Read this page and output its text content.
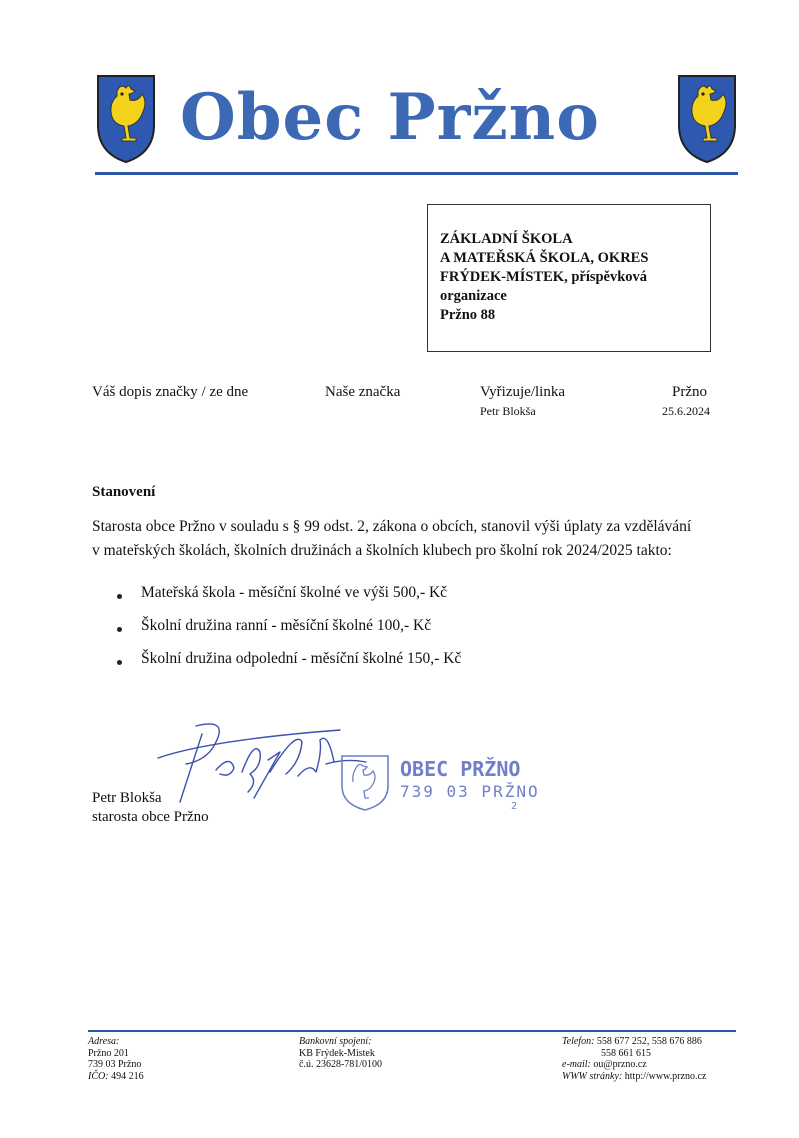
Obec Pržno
ZÁKLADNÍ ŠKOLA
A MATEŘSKÁ ŠKOLA, OKRES
FRÝDEK-MÍSTEK, příspěvková
organizace
Pržno 88
Váš dopis značky / ze dne	Naše značka	Vyřizuje/linka
Petr Blokša
Pržno
25.6.2024
Stanovení
Starosta obce Pržno v souladu s § 99 odst. 2, zákona o obcích, stanovil výši úplaty za vzdělávání
v mateřských školách, školních družinách a školních klubech pro školní rok 2024/2025 takto:
Mateřská škola - měsíční školné ve výši 500,- Kč
Školní družina ranní - měsíční školné 100,- Kč
Školní družina odpolední - měsíční školné 150,- Kč
OBEC PRŽNO
739 03 PRŽNO
2
Petr Blokša
starosta obce Pržno
Adresa:
Pržno 201
739 03 Pržno
IČO: 494 216
Bankovní spojení:
KB Frýdek-Místek
č.ú. 23628-781/0100
Telefon: 558 677 252, 558 676 886
558 661 615
e-mail: ou@przno.cz
WWW stránky: http://www.przno.cz
